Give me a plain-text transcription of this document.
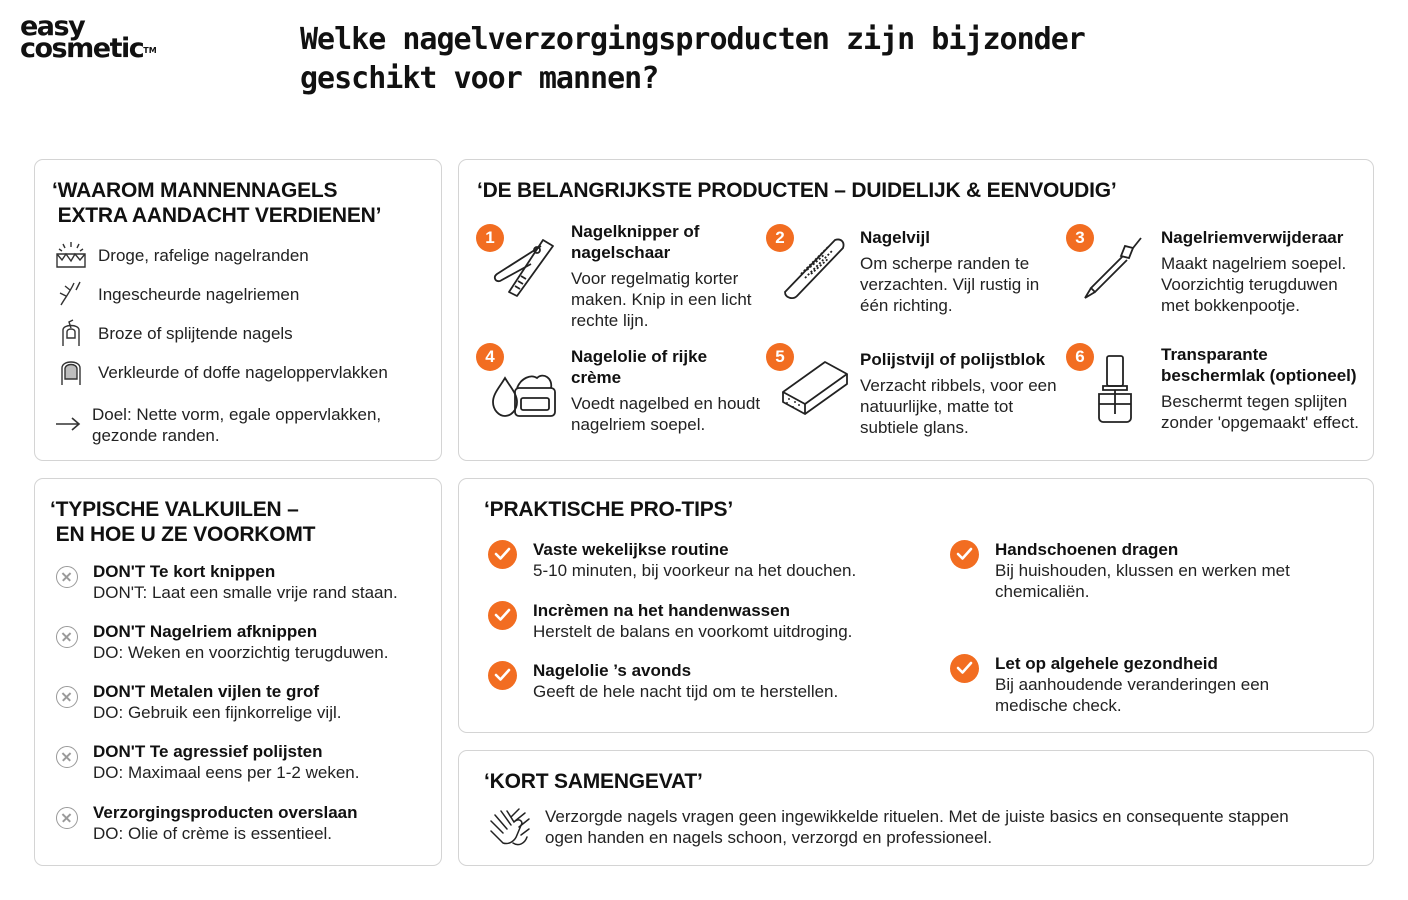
easy
cosmetic™	Welke nagelverzorgingsproducten zijn bijzonder geschikt voor mannen?
‘WAAROM MANNENNAGELS
EXTRA AANDACHT VERDIENEN’
Droge, rafelige nagelranden
Ingescheurde nagelriemen
Broze of splijtende nagels
Verkleurde of doffe nageloppervlakken
Doel: Nette vorm, egale oppervlakken,
gezonde randen.
‘DE BELANGRIJKSTE PRODUCTEN – DUIDELIJK & EENVOUDIG’
1	Nagelknipper of
nagelschaar
Voor regelmatig korter
maken. Knip in een licht
rechte lijn.
2	Nagelvijl
Om scherpe randen te
verzachten. Vijl rustig in
één richting.
3	Nagelriemverwijderaar
Maakt nagelriem soepel.
Voorzichtig terugduwen
met bokkenpootje.
4	Nagelolie of rijke
crème
Voedt nagelbed en houdt
nagelriem soepel.
5	Polijstvijl of polijstblok
Verzacht ribbels, voor een
natuurlijke, matte tot
subtiele glans.
6	Transparante
beschermlak (optioneel)
Beschermt tegen splijten
zonder 'opgemaakt' effect.
‘TYPISCHE VALKUILEN –
EN HOE U ZE VOORKOMT
DON'T Te kort knippen
DON'T: Laat een smalle vrije rand staan.
DON'T Nagelriem afknippen
DO: Weken en voorzichtig terugduwen.
DON'T Metalen vijlen te grof
DO: Gebruik een fijnkorrelige vijl.
DON'T Te agressief polijsten
DO: Maximaal eens per 1-2 weken.
Verzorgingsproducten overslaan
DO: Olie of crème is essentieel.
‘PRAKTISCHE PRO-TIPS’
Vaste wekelijkse routine
5-10 minuten, bij voorkeur na het douchen.
Incrèmen na het handenwassen
Herstelt de balans en voorkomt uitdroging.
Nagelolie ’s avonds
Geeft de hele nacht tijd om te herstellen.
Handschoenen dragen
Bij huishouden, klussen en werken met
chemicaliën.
Let op algehele gezondheid
Bij aanhoudende veranderingen een
medische check.
‘KORT SAMENGEVAT’
Verzorgde nagels vragen geen ingewikkelde rituelen. Met de juiste basics en consequente stappen
ogen handen en nagels schoon, verzorgd en professioneel.
